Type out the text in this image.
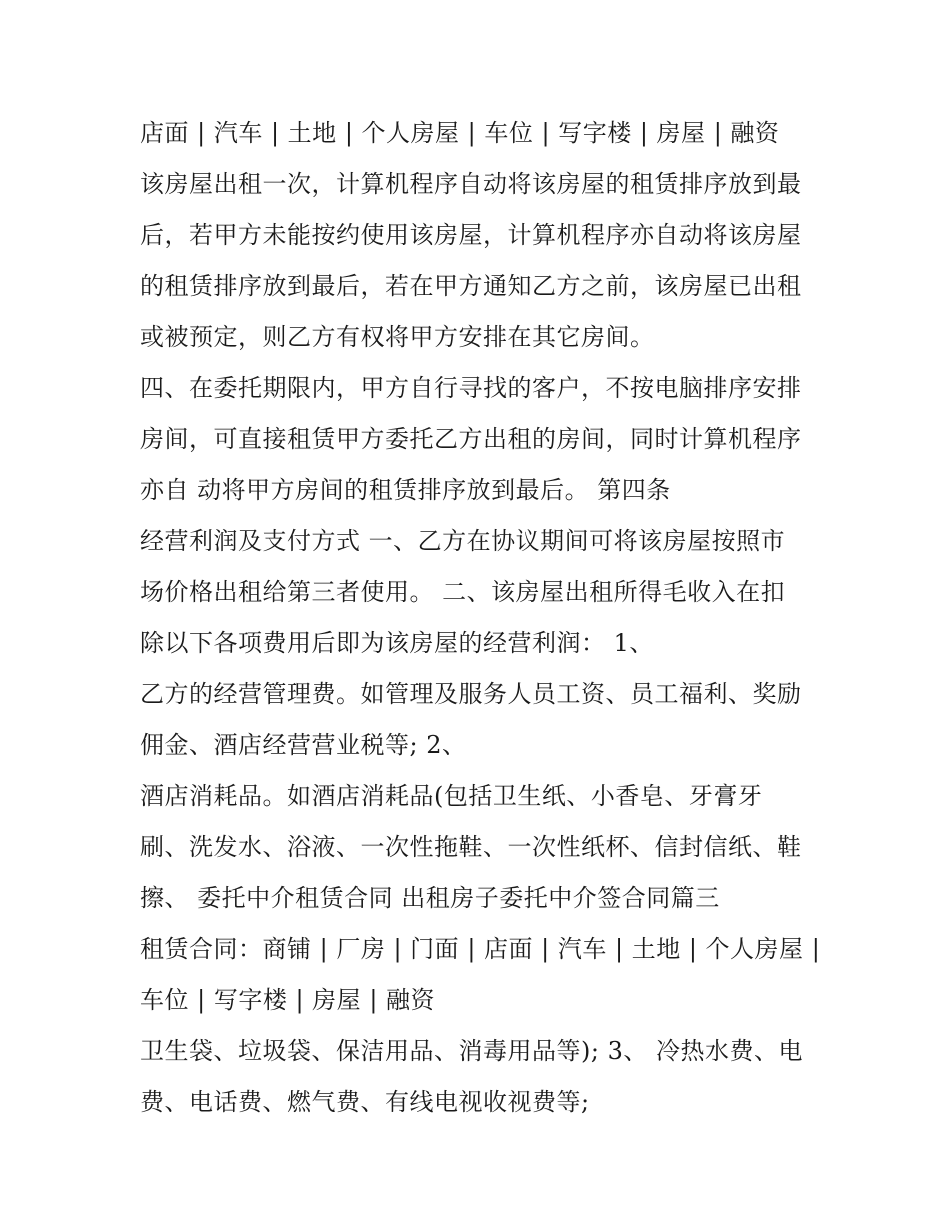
店面 | 汽车 | 土地 | 个人房屋 | 车位 | 写字楼 | 房屋 | 融资
该房屋出租一次，计算机程序自动将该房屋的租赁排序放到最
后，若甲方未能按约使用该房屋，计算机程序亦自动将该房屋
的租赁排序放到最后，若在甲方通知乙方之前，该房屋已出租
或被预定，则乙方有权将甲方安排在其它房间。
四、在委托期限内，甲方自行寻找的客户，不按电脑排序安排
房间，可直接租赁甲方委托乙方出租的房间，同时计算机程序
亦自 动将甲方房间的租赁排序放到最后。 第四条
经营利润及支付方式 一、乙方在协议期间可将该房屋按照市
场价格出租给第三者使用。 二、该房屋出租所得毛收入在扣
除以下各项费用后即为该房屋的经营利润： 1、
乙方的经营管理费。如管理及服务人员工资、员工福利、奖励
佣金、酒店经营营业税等; 2、
酒店消耗品。如酒店消耗品(包括卫生纸、小香皂、牙膏牙
刷、洗发水、浴液、一次性拖鞋、一次性纸杯、信封信纸、鞋
擦、 委托中介租赁合同 出租房子委托中介签合同篇三
租赁合同：商铺 | 厂房 | 门面 | 店面 | 汽车 | 土地 | 个人房屋 |
车位 | 写字楼 | 房屋 | 融资
卫生袋、垃圾袋、保洁用品、消毒用品等); 3、 冷热水费、电
费、电话费、燃气费、有线电视收视费等;
